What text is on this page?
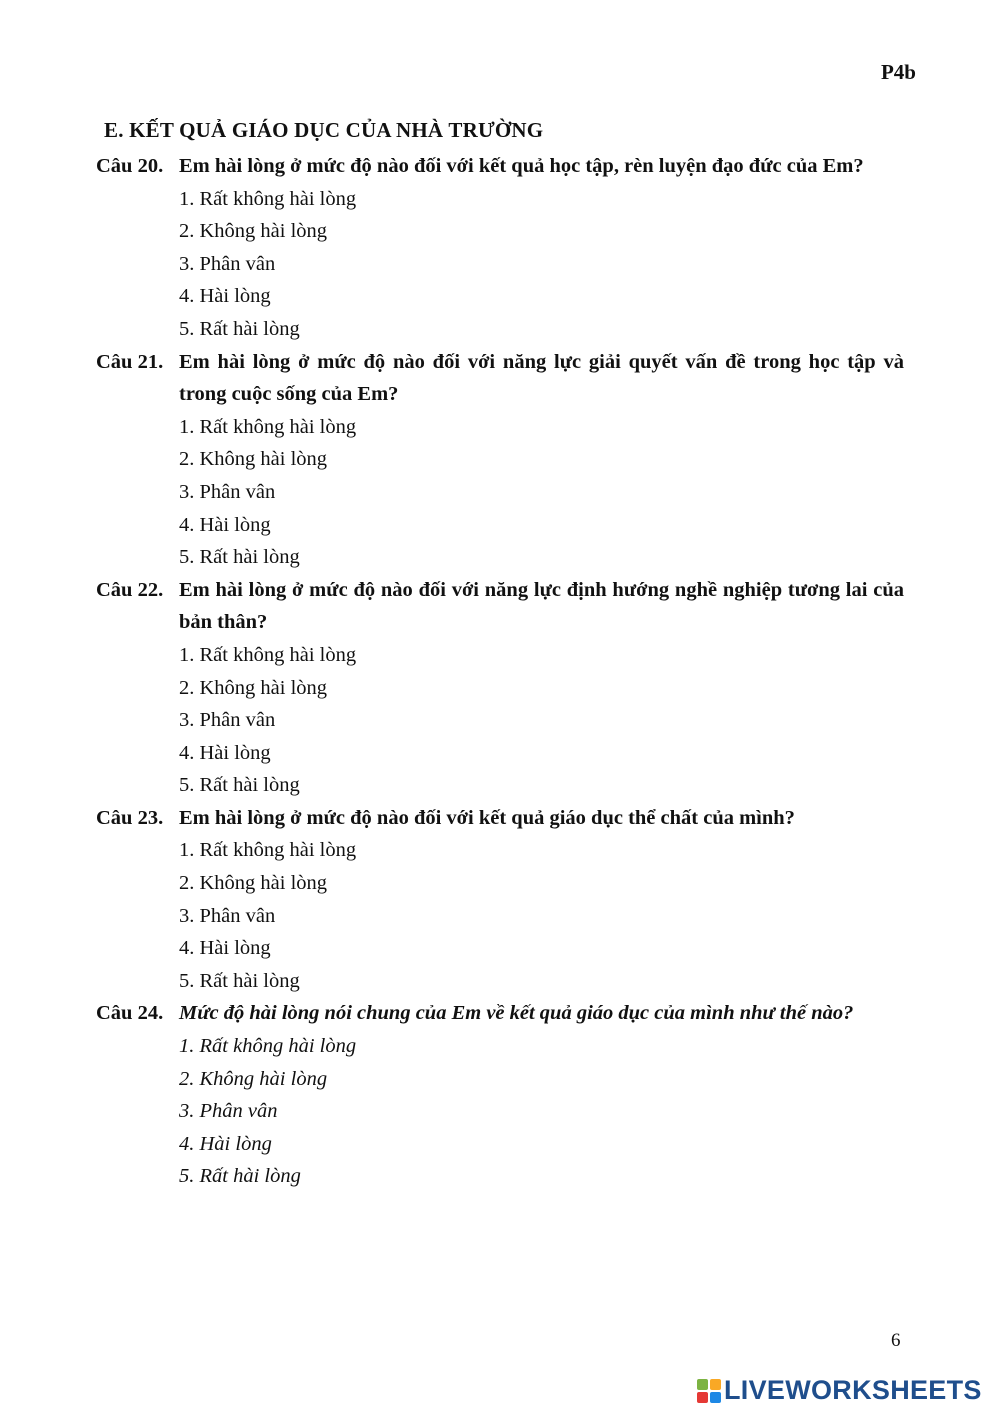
P4b
E. KẾT QUẢ GIÁO DỤC CỦA NHÀ TRƯỜNG
Câu 20. Em hài lòng ở mức độ nào đối với kết quả học tập, rèn luyện đạo đức của Em?
1. Rất không hài lòng
2. Không hài lòng
3. Phân vân
4. Hài lòng
5. Rất hài lòng
Câu 21. Em hài lòng ở mức độ nào đối với năng lực giải quyết vấn đề trong học tập và trong cuộc sống của Em?
1. Rất không hài lòng
2. Không hài lòng
3. Phân vân
4. Hài lòng
5. Rất hài lòng
Câu 22. Em hài lòng ở mức độ nào đối với năng lực định hướng nghề nghiệp tương lai của bản thân?
1. Rất không hài lòng
2. Không hài lòng
3. Phân vân
4. Hài lòng
5. Rất hài lòng
Câu 23. Em hài lòng ở mức độ nào đối với kết quả giáo dục thể chất của mình?
1. Rất không hài lòng
2. Không hài lòng
3. Phân vân
4. Hài lòng
5. Rất hài lòng
Câu 24. Mức độ hài lòng nói chung của Em về kết quả giáo dục của mình như thế nào?
1. Rất không hài lòng
2. Không hài lòng
3. Phân vân
4. Hài lòng
5. Rất hài lòng
6
LIVEWORKSHEETS
